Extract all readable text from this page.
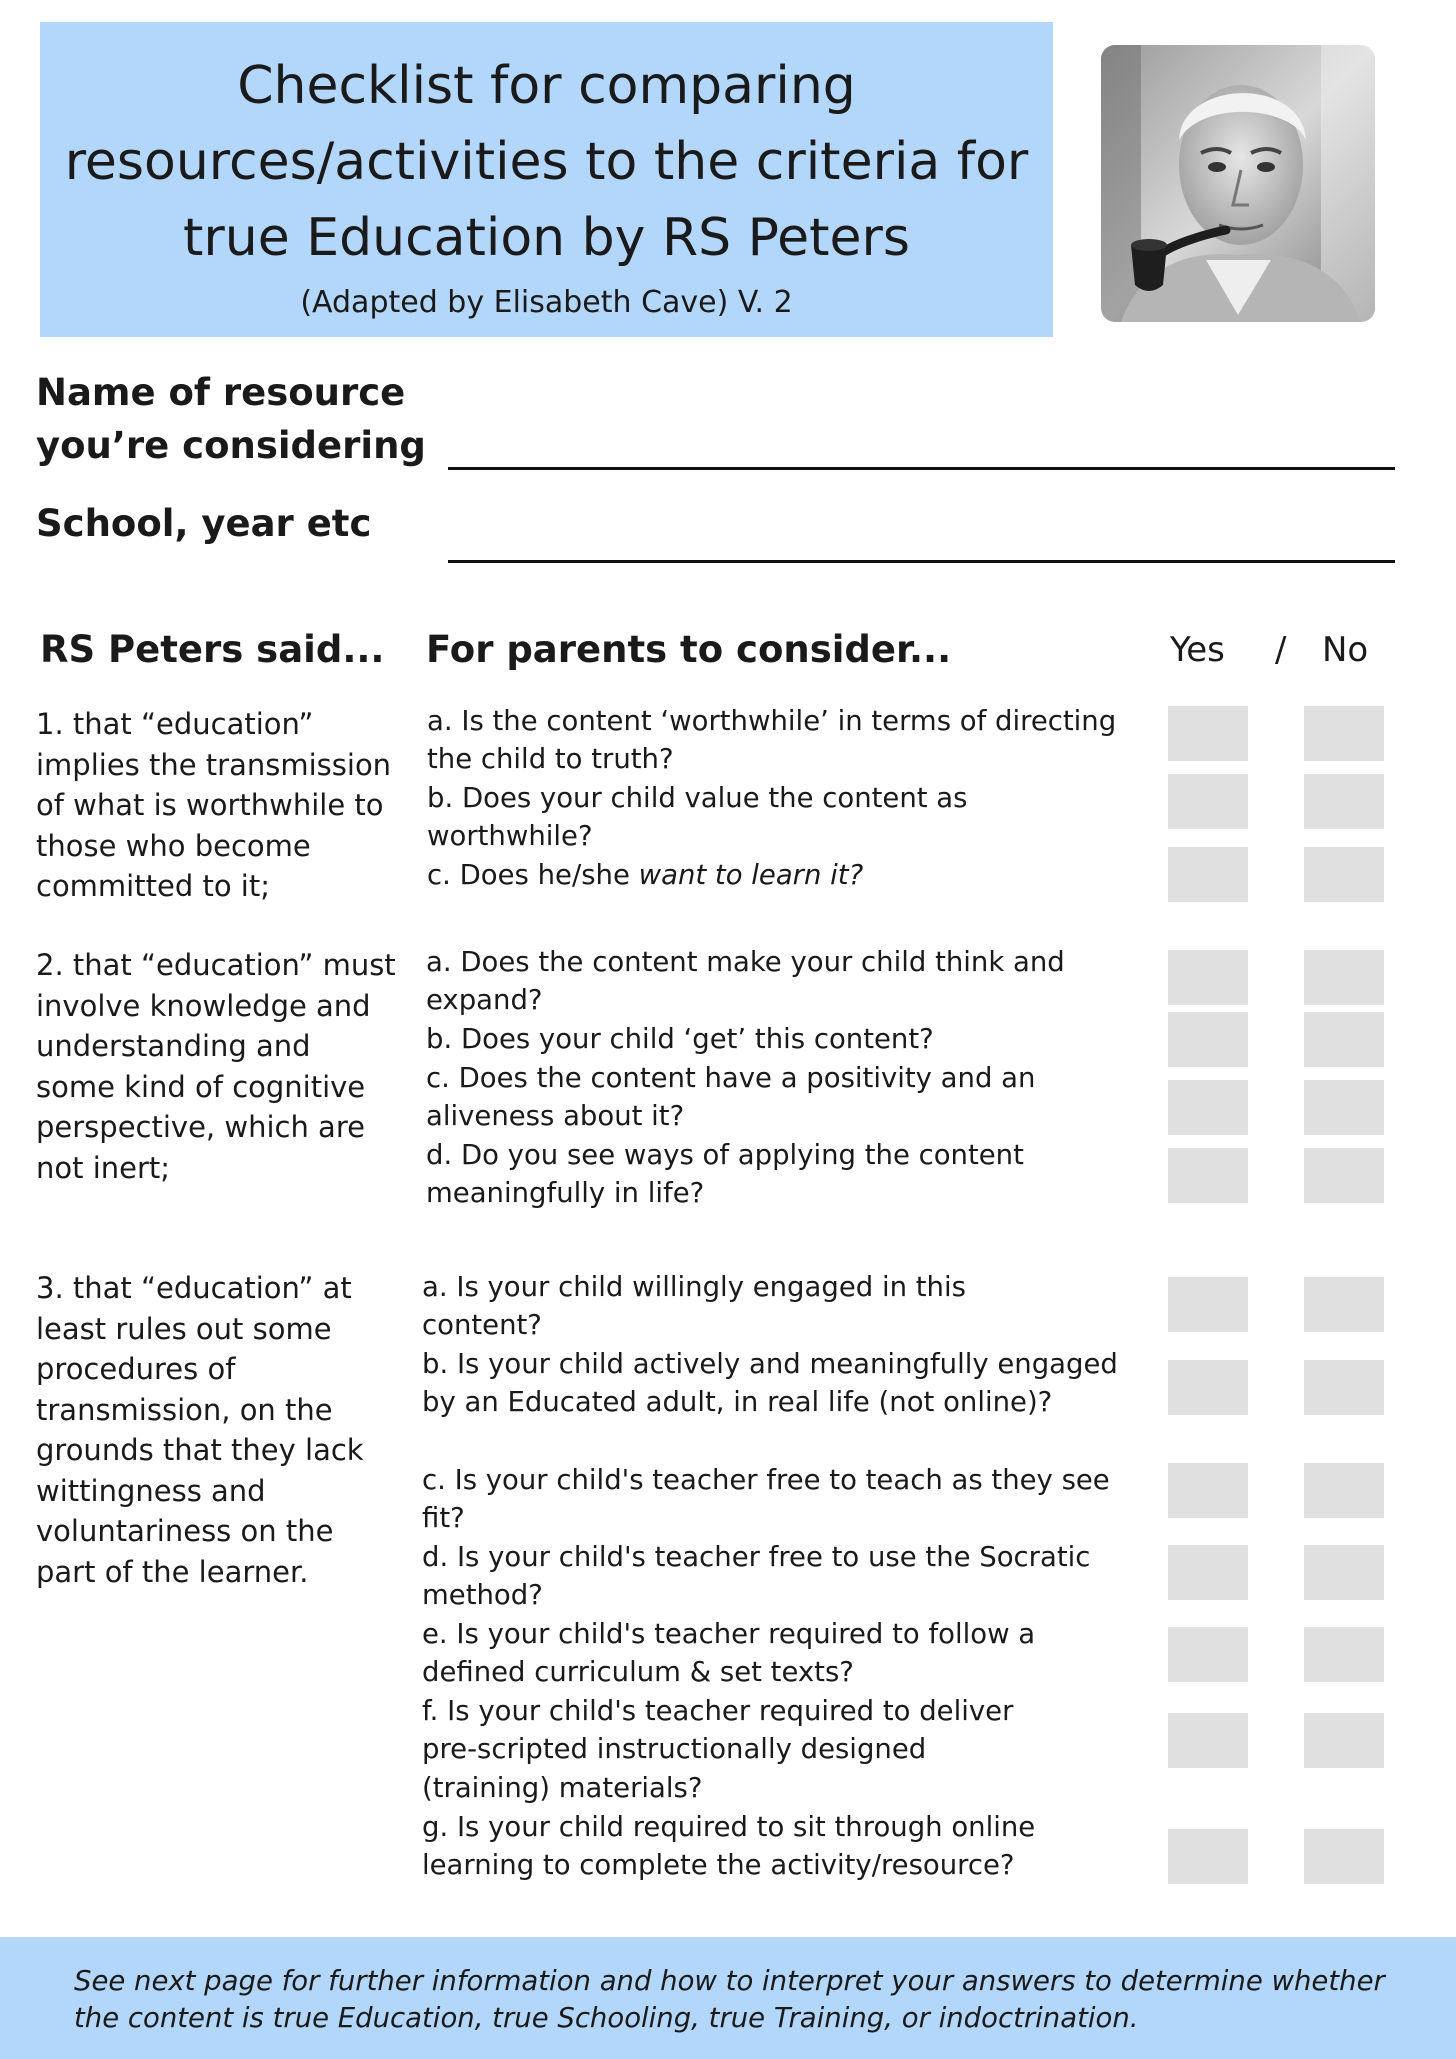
Checklist for comparing
resources/activities to the criteria for
true Education by RS Peters
(Adapted by Elisabeth Cave) V. 2
Name of resource
you’re considering
School, year etc
RS Peters said... For parents to consider...	Yes / No
1. that “education” implies the transmission of what is worthwhile to those who become committed to it;
a. Is the content ‘worthwhile’ in terms of directing the child to truth?
b. Does your child value the content as worthwhile?
c. Does he/she want to learn it?
2. that “education” must involve knowledge and understanding and some kind of cognitive perspective, which are not inert;
a. Does the content make your child think and expand?
b. Does your child ‘get’ this content?
c. Does the content have a positivity and an aliveness about it?
d. Do you see ways of applying the content meaningfully in life?
3. that “education” at least rules out some procedures of transmission, on the grounds that they lack wittingness and voluntariness on the part of the learner.
a. Is your child willingly engaged in this content?
b. Is your child actively and meaningfully engaged by an Educated adult, in real life (not online)?
c. Is your child's teacher free to teach as they see fit?
d. Is your child's teacher free to use the Socratic method?
e. Is your child's teacher required to follow a defined curriculum & set texts?
f. Is your child's teacher required to deliver pre-scripted instructionally designed (training) materials?
g. Is your child required to sit through online learning to complete the activity/resource?
See next page for further information and how to interpret your answers to determine whether the content is true Education, true Schooling, true Training, or indoctrination.
